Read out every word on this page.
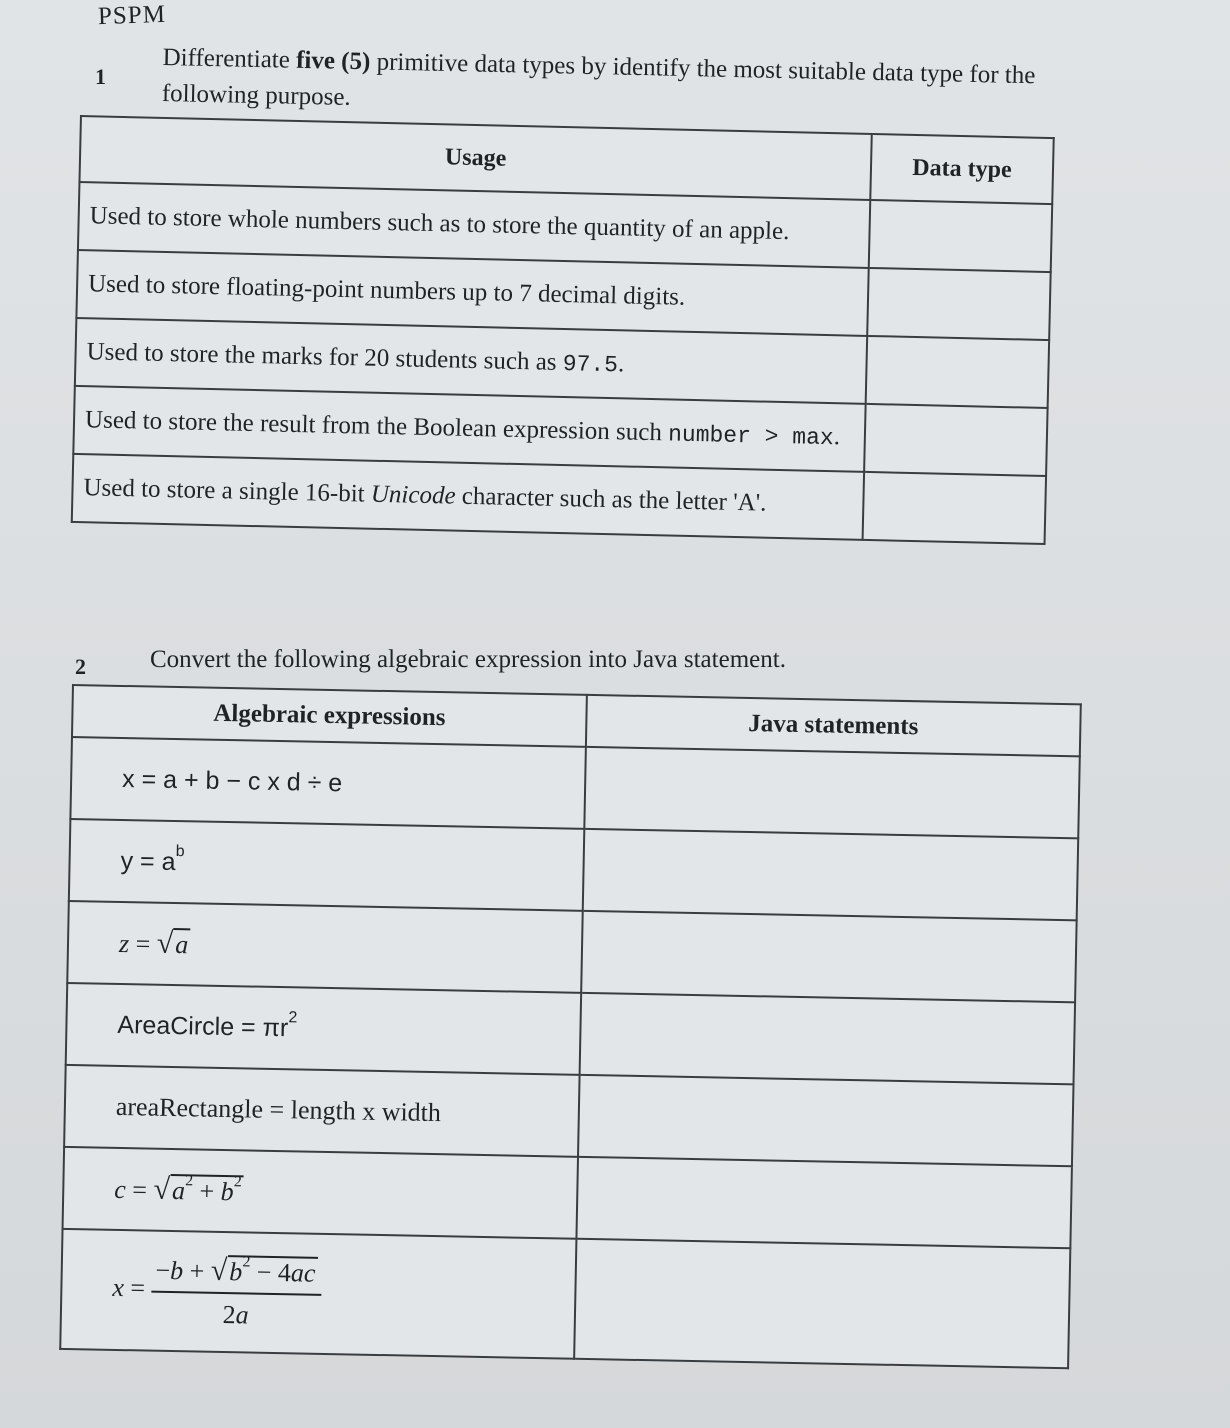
PSPM
1
Differentiate five (5) primitive data types by identify the most suitable data type for the following purpose.
Usage	Data type
Used to store whole numbers such as to store the quantity of an apple.	
Used to store floating-point numbers up to 7 decimal digits.	
Used to store the marks for 20 students such as 97.5.	
Used to store the result from the Boolean expression such number > max.	
Used to store a single 16-bit Unicode character such as the letter 'A'.	
2	Convert the following algebraic expression into Java statement.
Algebraic expressions	Java statements
x = a + b − c x d ÷ e	
$y = a^b$	
z = √a	
AreaCircle = $\pi r^2$	
areaRectangle = length x width	
$c = √a^2 + b^2$	
$x = \frac{-b + √b^2 - 4ac}{2a}$
